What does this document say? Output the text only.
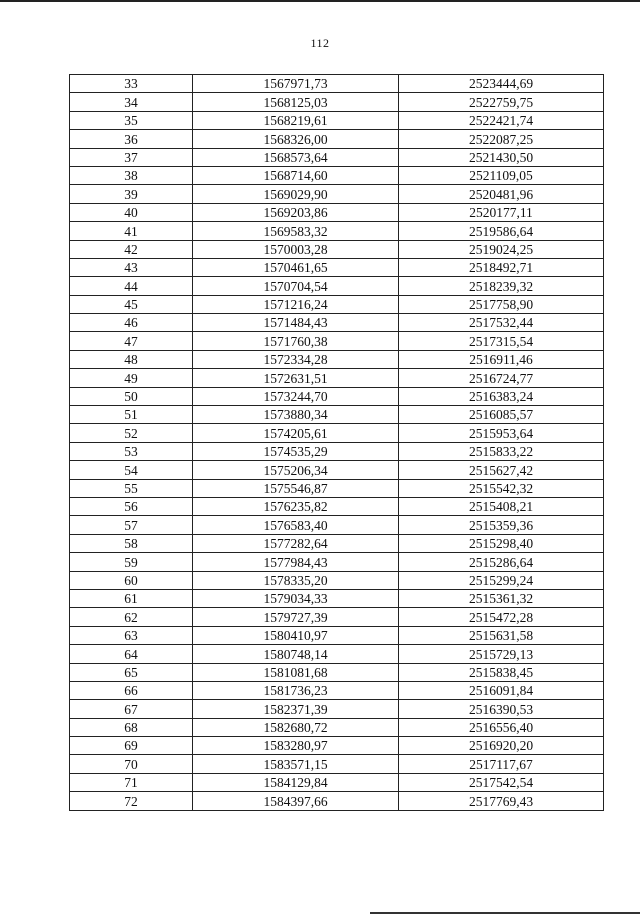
112
33	1567971,73	2523444,69
34	1568125,03	2522759,75
35	1568219,61	2522421,74
36	1568326,00	2522087,25
37	1568573,64	2521430,50
38	1568714,60	2521109,05
39	1569029,90	2520481,96
40	1569203,86	2520177,11
41	1569583,32	2519586,64
42	1570003,28	2519024,25
43	1570461,65	2518492,71
44	1570704,54	2518239,32
45	1571216,24	2517758,90
46	1571484,43	2517532,44
47	1571760,38	2517315,54
48	1572334,28	2516911,46
49	1572631,51	2516724,77
50	1573244,70	2516383,24
51	1573880,34	2516085,57
52	1574205,61	2515953,64
53	1574535,29	2515833,22
54	1575206,34	2515627,42
55	1575546,87	2515542,32
56	1576235,82	2515408,21
57	1576583,40	2515359,36
58	1577282,64	2515298,40
59	1577984,43	2515286,64
60	1578335,20	2515299,24
61	1579034,33	2515361,32
62	1579727,39	2515472,28
63	1580410,97	2515631,58
64	1580748,14	2515729,13
65	1581081,68	2515838,45
66	1581736,23	2516091,84
67	1582371,39	2516390,53
68	1582680,72	2516556,40
69	1583280,97	2516920,20
70	1583571,15	2517117,67
71	1584129,84	2517542,54
72	1584397,66	2517769,43
